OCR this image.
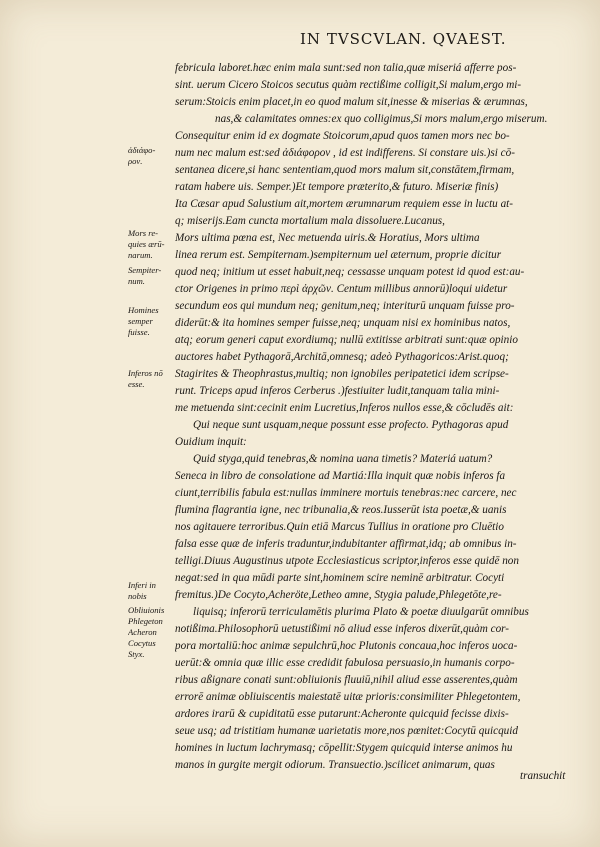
IN TVSCVLAN. QVAEST.
febricula laboret.hæc enim mala sunt:sed non talia,quæ miseriá afferre pos-
sint. uerum Cicero Stoicos secutus quàm rectißime colligit,Si malum,ergo mi-
serum:Stoicis enim placet,in eo quod malum sit,inesse & miserias & ærumnas,
nas,& calamitates omnes:ex quo colligimus,Si mors malum,ergo miserum.
Consequitur enim id ex dogmate Stoicorum,apud quos tamen mors nec bo-
num nec malum est:sed ἀδιάφορον , id est indifferens. Si constare uis.)si cō-
sentanea dicere,si hanc sententiam,quod mors malum sit,constātem,firmam,
ratam habere uis. Semper.)Et tempore præterito,& futuro. Miseriæ finis)
Ita Cæsar apud Salustium ait,mortem ærumnarum requiem esse in luctu at-
q; miserijs.Eam cuncta mortalium mala dissoluere.Lucanus,
Mors ultima pœna est, Nec metuenda uiris.& Horatius, Mors ultima
linea rerum est. Sempiternam.)sempiternum uel æternum, proprie dicitur
quod neq; initium ut esset habuit,neq; cessasse unquam potest id quod est:au-
ctor Origenes in primo περὶ ἀρχῶν. Centum millibus annorū)loqui uidetur
secundum eos qui mundum neq; genitum,neq; interiturū unquam fuisse pro-
diderūt:& ita homines semper fuisse,neq; unquam nisi ex hominibus natos,
atq; eorum generi caput exordiumq; nullū extitisse arbitrati sunt:quæ opinio
auctores habet Pythagorā,Architā,omnesq; adeò Pythagoricos:Arist.quoq;
Stagirites & Theophrastus,multiq; non ignobiles peripatetici idem scripse-
runt. Triceps apud inferos Cerberus .)festiuiter ludit,tanquam talia mini-
me metuenda sint:cecinit enim Lucretius,Inferos nullos esse,& cōcludēs ait:
Qui neque sunt usquam,neque possunt esse profecto. Pythagoras apud
Ouidium inquit:
Quid styga,quid tenebras,& nomina uana timetis? Materiá uatum?
Seneca in libro de consolatione ad Martiá:Illa inquit quæ nobis inferos fa
ciunt,terribilis fabula est:nullas imminere mortuis tenebras:nec carcere, nec
flumina flagrantia igne, nec tribunalia,& reos.Iusserūt ista poetæ,& uanis
nos agitauere terroribus.Quin etiā Marcus Tullius in oratione pro Cluētio
falsa esse quæ de inferis traduntur,indubitanter affirmat,idq; ab omnibus in-
telligi.Diuus Augustinus utpote Ecclesiasticus scriptor,inferos esse quidē non
negat:sed in qua mūdi parte sint,hominem scire neminē arbitratur. Cocyti
fremitus.)De Cocyto,Acheröte,Letheo amne, Stygia palude,Phlegetōte,re-
liquisq; inferorū terriculamētis plurima Plato & poetæ diuulgarūt omnibus
notißima.Philosophorū uetustißimi nō aliud esse inferos dixerūt,quàm cor-
pora mortaliū:hoc animæ sepulchrū,hoc Plutonis concaua,hoc inferos uoca-
uerūt:& omnia quæ illic esse credidit fabulosa persuasio,in humanis corpo-
ribus aßignare conati sunt:obliuionis fluuiū,nihil aliud esse asserentes,quàm
errorē animæ obliuiscentis maiestatē uitæ prioris:consimiliter Phlegetontem,
ardores irarū & cupiditatū esse putarunt:Acheronte quicquid fecisse dixis-
seue usq; ad tristitiam humanæ uarietatis more,nos pœnitet:Cocytū quicquid
homines in luctum lachrymasq; cōpellit:Stygem quicquid interse animos hu
manos in gurgite mergit odiorum. Transuectio.)scilicet animarum, quas
ἀδιάφο-
ρον.
Mors re-
quies ærū-
narum.
Sempiter-
num.
Homines
semper
fuisse.
Inferos nō
esse.
Inferi in
nobis
Obliuionis
Phlegeton
Acheron
Cocytus
Styx.
transuchit
